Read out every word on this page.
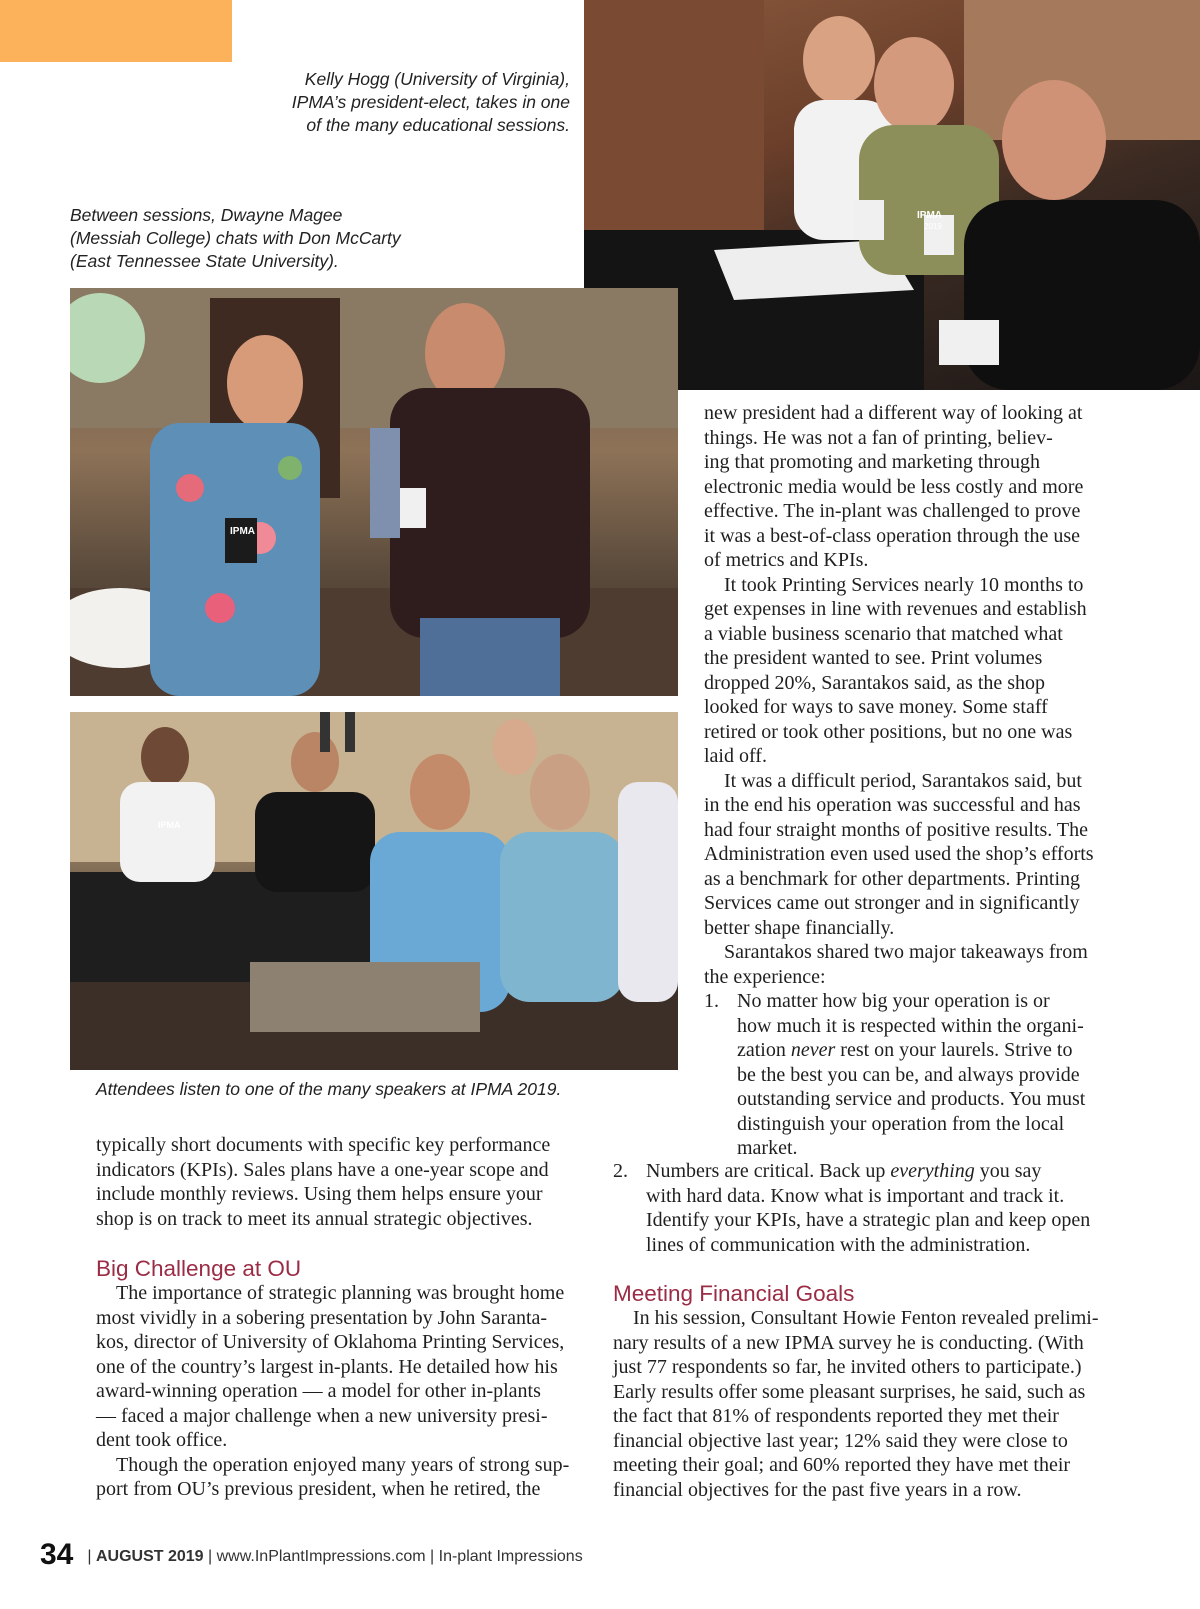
Kelly Hogg (University of Virginia),
IPMA’s president-elect, takes in one
of the many educational sessions.
Between sessions, Dwayne Magee
(Messiah College) chats with Don McCarty
(East Tennessee State University).
Attendees listen to one of the many speakers at IPMA 2019.
IPMA
2019
IPMA
IPMA
new president had a different way of looking at
things. He was not a fan of printing, believ-
ing that promoting and marketing through
electronic media would be less costly and more
effective. The in-plant was challenged to prove
it was a best-of-class operation through the use
of metrics and KPIs.
It took Printing Services nearly 10 months to
get expenses in line with revenues and establish
a viable business scenario that matched what
the president wanted to see. Print volumes
dropped 20%, Sarantakos said, as the shop
looked for ways to save money. Some staff
retired or took other positions, but no one was
laid off.
It was a difficult period, Sarantakos said, but
in the end his operation was successful and has
had four straight months of positive results. The
Administration even used used the shop’s efforts
as a benchmark for other departments. Printing
Services came out stronger and in significantly
better shape financially.
Sarantakos shared two major takeaways from
the experience:
1. No matter how big your operation is or
how much it is respected within the organi-
zation never rest on your laurels. Strive to
be the best you can be, and always provide
outstanding service and products. You must
distinguish your operation from the local
market.
typically short documents with specific key performance
indicators (KPIs). Sales plans have a one-year scope and
include monthly reviews. Using them helps ensure your
shop is on track to meet its annual strategic objectives.
Big Challenge at OU
The importance of strategic planning was brought home
most vividly in a sobering presentation by John Saranta-
kos, director of University of Oklahoma Printing Services,
one of the country’s largest in-plants. He detailed how his
award-winning operation — a model for other in-plants
— faced a major challenge when a new university presi-
dent took office.
Though the operation enjoyed many years of strong sup-
port from OU’s previous president, when he retired, the
2. Numbers are critical. Back up everything you say
with hard data. Know what is important and track it.
Identify your KPIs, have a strategic plan and keep open
lines of communication with the administration.
Meeting Financial Goals
In his session, Consultant Howie Fenton revealed prelimi-
nary results of a new IPMA survey he is conducting. (With
just 77 respondents so far, he invited others to participate.)
Early results offer some pleasant surprises, he said, such as
the fact that 81% of respondents reported they met their
financial objective last year; 12% said they were close to
meeting their goal; and 60% reported they have met their
financial objectives for the past five years in a row.
34 | AUGUST 2019 | www.InPlantImpressions.com | In-plant Impressions
